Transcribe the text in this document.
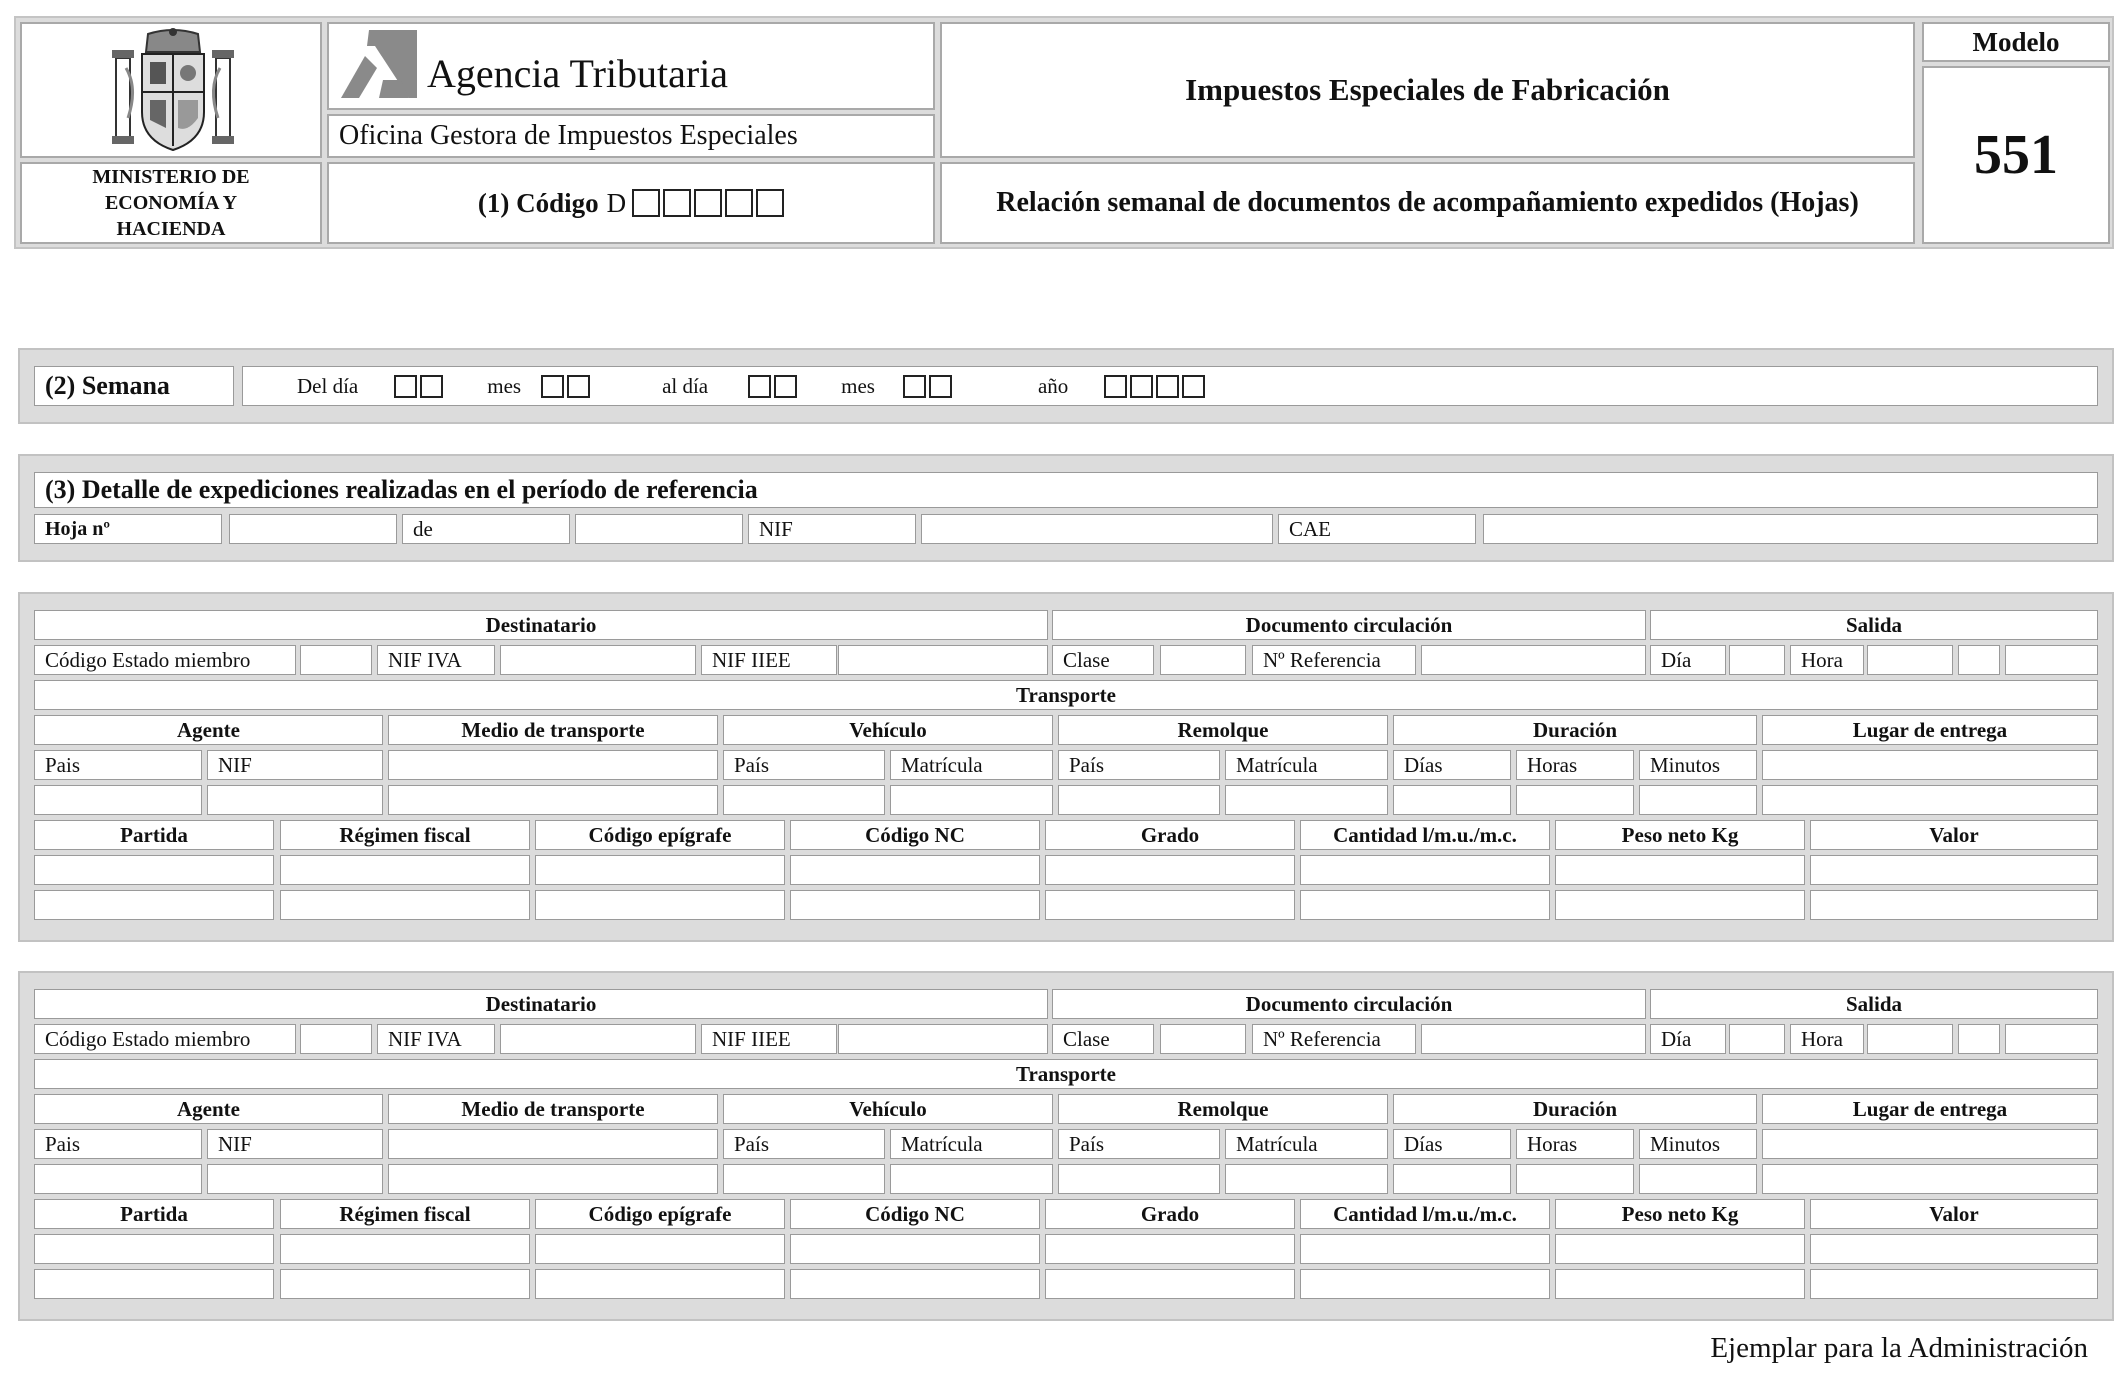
MINISTERIO DE ECONOMÍA Y HACIENDA
Agencia Tributaria
Oficina Gestora de Impuestos Especiales
(1) Código D
Impuestos Especiales de Fabricación
Relación semanal de documentos de acompañamiento expedidos (Hojas)
Modelo
551
(2) Semana	Del día	mes	al día	mes	año
(3) Detalle de expediciones realizadas en el período de referencia
Hoja nº	de	NIF	CAE
Destinatario	Documento circulación	Salida
Código Estado miembro	NIF IVA	NIF IIEE	Clase	Nº Referencia	Día	Hora
Transporte
Agente	Medio de transporte	Vehículo	Remolque	Duración	Lugar de entrega
Pais	NIF	País	Matrícula	País	Matrícula	Días	Horas	Minutos
Partida	Régimen fiscal	Código epígrafe	Código NC	Grado	Cantidad l/m.u./m.c.	Peso neto Kg	Valor
Destinatario	Documento circulación	Salida
Código Estado miembro	NIF IVA	NIF IIEE	Clase	Nº Referencia	Día	Hora
Transporte
Agente	Medio de transporte	Vehículo	Remolque	Duración	Lugar de entrega
Pais	NIF	País	Matrícula	País	Matrícula	Días	Horas	Minutos
Partida	Régimen fiscal	Código epígrafe	Código NC	Grado	Cantidad l/m.u./m.c.	Peso neto Kg	Valor
Ejemplar para la Administración
